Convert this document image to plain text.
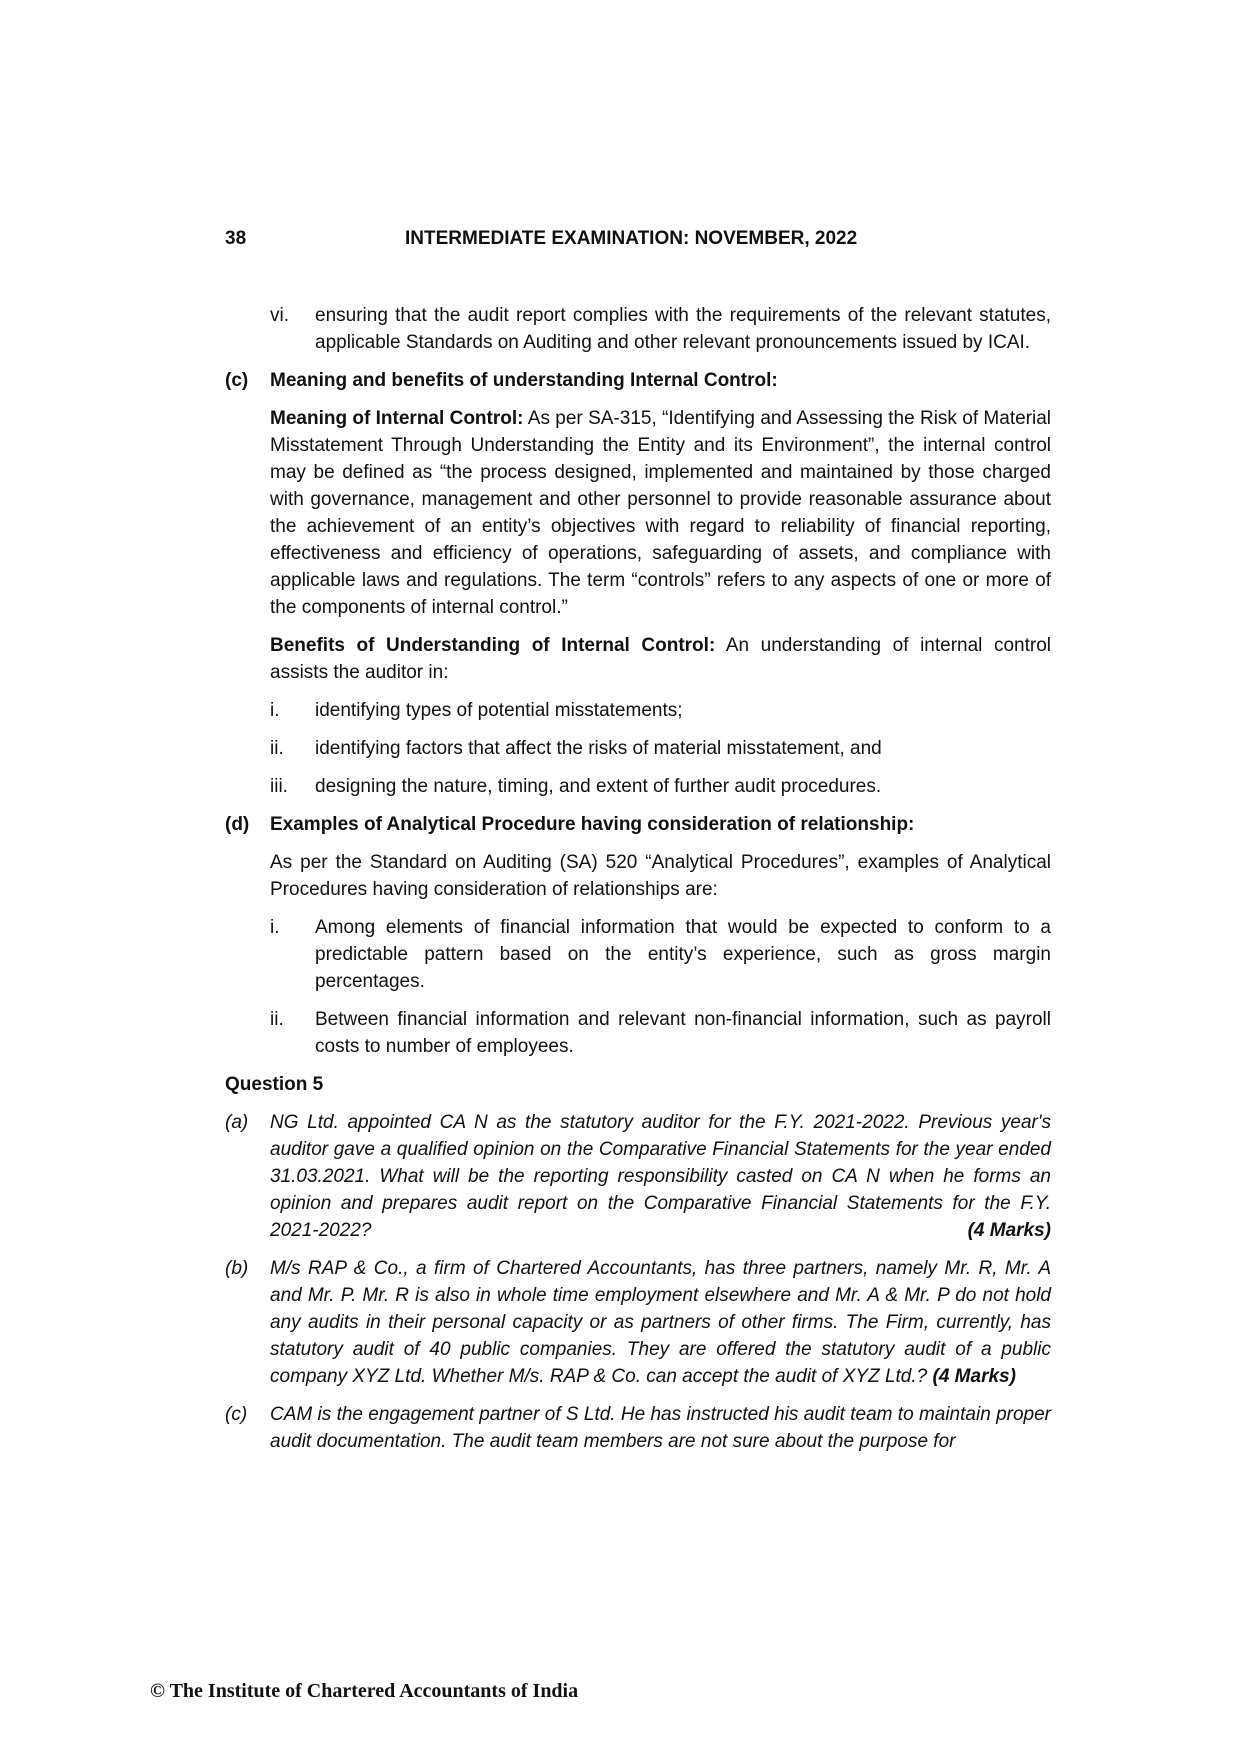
38	INTERMEDIATE EXAMINATION: NOVEMBER, 2022
vi.	ensuring that the audit report complies with the requirements of the relevant statutes, applicable Standards on Auditing and other relevant pronouncements issued by ICAI.
(c)	Meaning and benefits of understanding Internal Control:
Meaning of Internal Control: As per SA-315, “Identifying and Assessing the Risk of Material Misstatement Through Understanding the Entity and its Environment”, the internal control may be defined as “the process designed, implemented and maintained by those charged with governance, management and other personnel to provide reasonable assurance about the achievement of an entity’s objectives with regard to reliability of financial reporting, effectiveness and efficiency of operations, safeguarding of assets, and compliance with applicable laws and regulations. The term “controls” refers to any aspects of one or more of the components of internal control.”
Benefits of Understanding of Internal Control: An understanding of internal control assists the auditor in:
i.	identifying types of potential misstatements;
ii.	identifying factors that affect the risks of material misstatement, and
iii.	designing the nature, timing, and extent of further audit procedures.
(d)	Examples of Analytical Procedure having consideration of relationship:
As per the Standard on Auditing (SA) 520 “Analytical Procedures”, examples of Analytical Procedures having consideration of relationships are:
i.	Among elements of financial information that would be expected to conform to a predictable pattern based on the entity’s experience, such as gross margin percentages.
ii.	Between financial information and relevant non-financial information, such as payroll costs to number of employees.
Question 5
(a)	NG Ltd. appointed CA N as the statutory auditor for the F.Y. 2021-2022. Previous year's auditor gave a qualified opinion on the Comparative Financial Statements for the year ended 31.03.2021. What will be the reporting responsibility casted on CA N when he forms an opinion and prepares audit report on the Comparative Financial Statements for the F.Y. 2021-2022?	(4 Marks)
(b)	M/s RAP & Co., a firm of Chartered Accountants, has three partners, namely Mr. R, Mr. A and Mr. P. Mr. R is also in whole time employment elsewhere and Mr. A & Mr. P do not hold any audits in their personal capacity or as partners of other firms. The Firm, currently, has statutory audit of 40 public companies. They are offered the statutory audit of a public company XYZ Ltd. Whether M/s. RAP & Co. can accept the audit of XYZ Ltd.? (4 Marks)
(c)	CAM is the engagement partner of S Ltd. He has instructed his audit team to maintain proper audit documentation. The audit team members are not sure about the purpose for
© The Institute of Chartered Accountants of India
